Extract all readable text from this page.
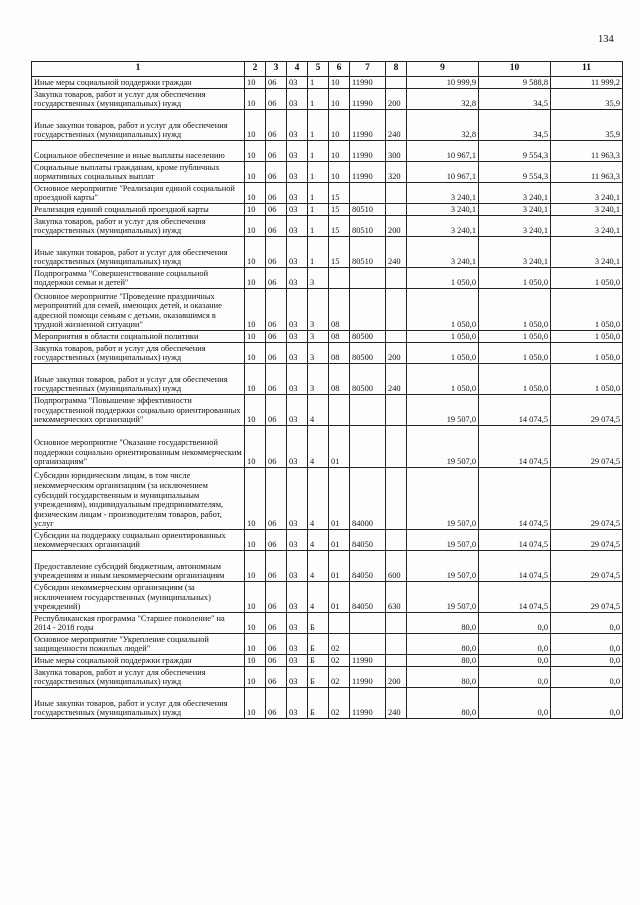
134
1	2	3	4	5	6	7	8	9	10	11
Иные меры социальной поддержки граждан	10	06	03	1	10	11990		10 999,9	9 588,8	11 999,2
Закупка товаров, работ и услуг для обеспечения государственных (муниципальных) нужд	10	06	03	1	10	11990	200	32,8	34,5	35,9
Иные закупки товаров, работ и услуг для обеспечения государственных (муниципальных) нужд	10	06	03	1	10	11990	240	32,8	34,5	35,9
Социальное обеспечение и иные выплаты населению	10	06	03	1	10	11990	300	10 967,1	9 554,3	11 963,3
Социальные выплаты гражданам, кроме публичных нормативных социальных выплат	10	06	03	1	10	11990	320	10 967,1	9 554,3	11 963,3
Основное мероприятие "Реализация единой социальной проездной карты"	10	06	03	1	15			3 240,1	3 240,1	3 240,1
Реализация единой социальной проездной карты	10	06	03	1	15	80510		3 240,1	3 240,1	3 240,1
Закупка товаров, работ и услуг для обеспечения государственных (муниципальных) нужд	10	06	03	1	15	80510	200	3 240,1	3 240,1	3 240,1
Иные закупки товаров, работ и услуг для обеспечения государственных (муниципальных) нужд	10	06	03	1	15	80510	240	3 240,1	3 240,1	3 240,1
Подпрограмма "Совершенствование социальной поддержки семьи и детей"	10	06	03	3				1 050,0	1 050,0	1 050,0
Основное мероприятие "Проведение праздничных мероприятий для семей, имеющих детей, и оказание адресной помощи семьям с детьми, оказавшимся в трудной жизненной ситуации"	10	06	03	3	08			1 050,0	1 050,0	1 050,0
Мероприятия в области социальной политики	10	06	03	3	08	80500		1 050,0	1 050,0	1 050,0
Закупка товаров, работ и услуг для обеспечения государственных (муниципальных) нужд	10	06	03	3	08	80500	200	1 050,0	1 050,0	1 050,0
Иные закупки товаров, работ и услуг для обеспечения государственных (муниципальных) нужд	10	06	03	3	08	80500	240	1 050,0	1 050,0	1 050,0
Подпрограмма "Повышение эффективности государственной поддержки социально ориентированных некоммерческих организаций"	10	06	03	4				19 507,0	14 074,5	29 074,5
Основное мероприятие "Оказание государственной поддержки социально ориентированным некоммерческим организациям"	10	06	03	4	01			19 507,0	14 074,5	29 074,5
Субсидии юридическим лицам, в том числе некоммерческим организациям (за исключением субсидий государственным и муниципальным учреждениям), индивидуальным предпринимателям, физическим лицам - производителям товаров, работ, услуг	10	06	03	4	01	84000		19 507,0	14 074,5	29 074,5
Субсидии на поддержку социально ориентированных некоммерческих организаций	10	06	03	4	01	84050		19 507,0	14 074,5	29 074,5
Предоставление субсидий бюджетным, автономным учреждениям и иным некоммерческим организациям	10	06	03	4	01	84050	600	19 507,0	14 074,5	29 074,5
Субсидии некоммерческим организациям (за исключением государственных (муниципальных) учреждений)	10	06	03	4	01	84050	630	19 507,0	14 074,5	29 074,5
Республиканская программа "Старшее поколение" на 2014 - 2018 годы	10	06	03	Б				80,0	0,0	0,0
Основное мероприятие "Укрепление социальной защищенности пожилых людей"	10	06	03	Б	02			80,0	0,0	0,0
Иные меры социальной поддержки граждан	10	06	03	Б	02	11990		80,0	0,0	0,0
Закупка товаров, работ и услуг для обеспечения государственных (муниципальных) нужд	10	06	03	Б	02	11990	200	80,0	0,0	0,0
Иные закупки товаров, работ и услуг для обеспечения государственных (муниципальных) нужд	10	06	03	Б	02	11990	240	80,0	0,0	0,0
